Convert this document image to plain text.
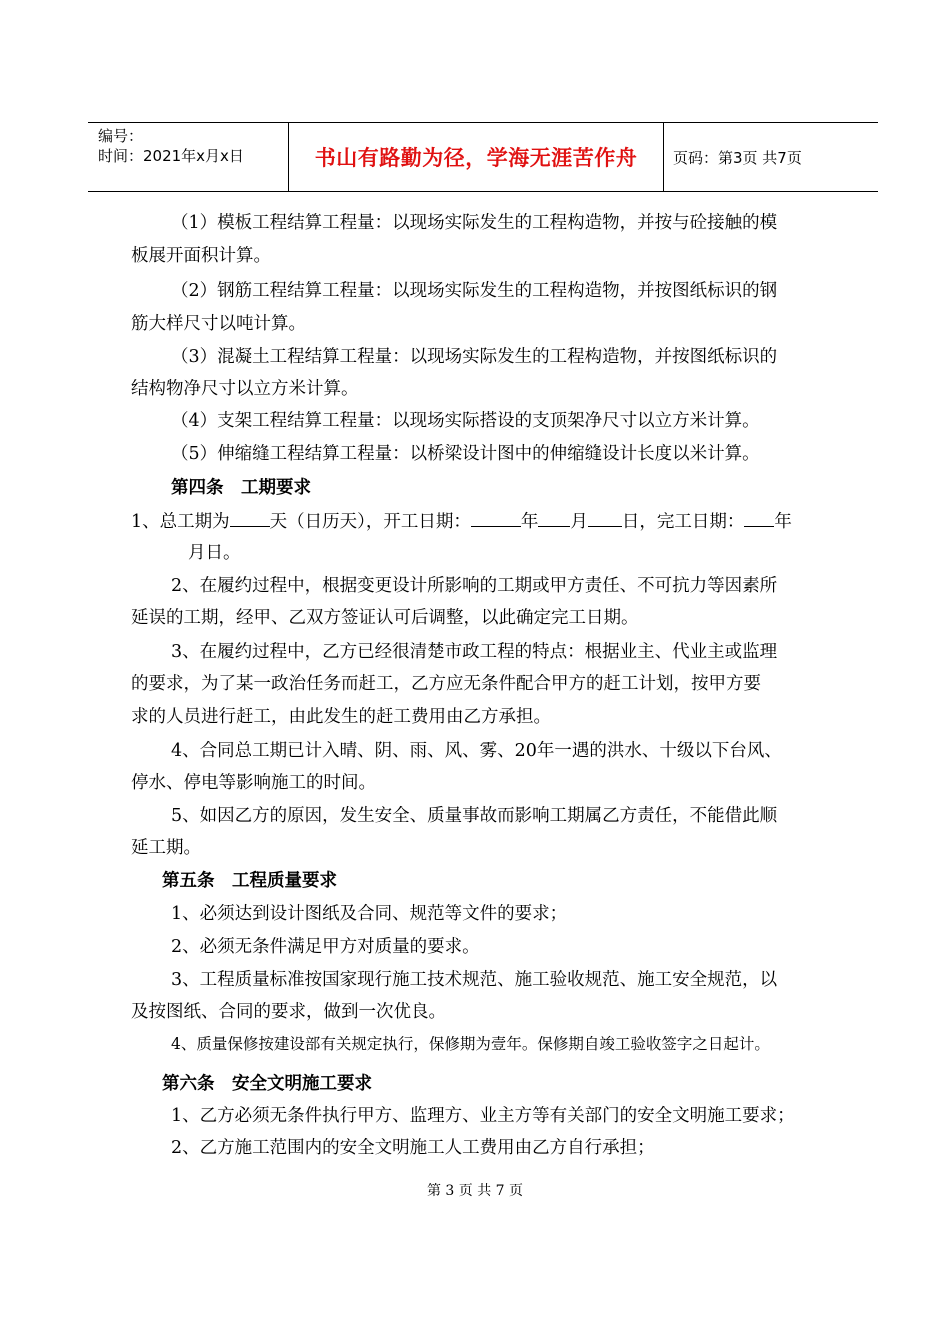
编号：
时间：2021年x月x日	书山有路勤为径，学海无涯苦作舟	页码：第3页 共7页
（1）模板工程结算工程量：以现场实际发生的工程构造物，并按与砼接触的模
板展开面积计算。
（2）钢筋工程结算工程量：以现场实际发生的工程构造物，并按图纸标识的钢
筋大样尺寸以吨计算。
（3）混凝土工程结算工程量：以现场实际发生的工程构造物，并按图纸标识的
结构物净尺寸以立方米计算。
（4）支架工程结算工程量：以现场实际搭设的支顶架净尺寸以立方米计算。
（5）伸缩缝工程结算工程量：以桥梁设计图中的伸缩缝设计长度以米计算。
第四条　工期要求
1、总工期为 天（日历天），开工日期：	年 月 日，完工日期： 年
月日。
2、在履约过程中，根据变更设计所影响的工期或甲方责任、不可抗力等因素所
延误的工期，经甲、乙双方签证认可后调整，以此确定完工日期。
3、在履约过程中，乙方已经很清楚市政工程的特点：根据业主、代业主或监理
的要求，为了某一政治任务而赶工，乙方应无条件配合甲方的赶工计划，按甲方要
求的人员进行赶工，由此发生的赶工费用由乙方承担。
4、合同总工期已计入晴、阴、雨、风、雾、20年一遇的洪水、十级以下台风、
停水、停电等影响施工的时间。
5、如因乙方的原因，发生安全、质量事故而影响工期属乙方责任，不能借此顺
延工期。
第五条　工程质量要求
1、必须达到设计图纸及合同、规范等文件的要求；
2、必须无条件满足甲方对质量的要求。
3、工程质量标准按国家现行施工技术规范、施工验收规范、施工安全规范，以
及按图纸、合同的要求，做到一次优良。
4、质量保修按建设部有关规定执行，保修期为壹年。保修期自竣工验收签字之日起计。
第六条　安全文明施工要求
1、乙方必须无条件执行甲方、监理方、业主方等有关部门的安全文明施工要求；
2、乙方施工范围内的安全文明施工人工费用由乙方自行承担；
第 3 页 共 7 页
